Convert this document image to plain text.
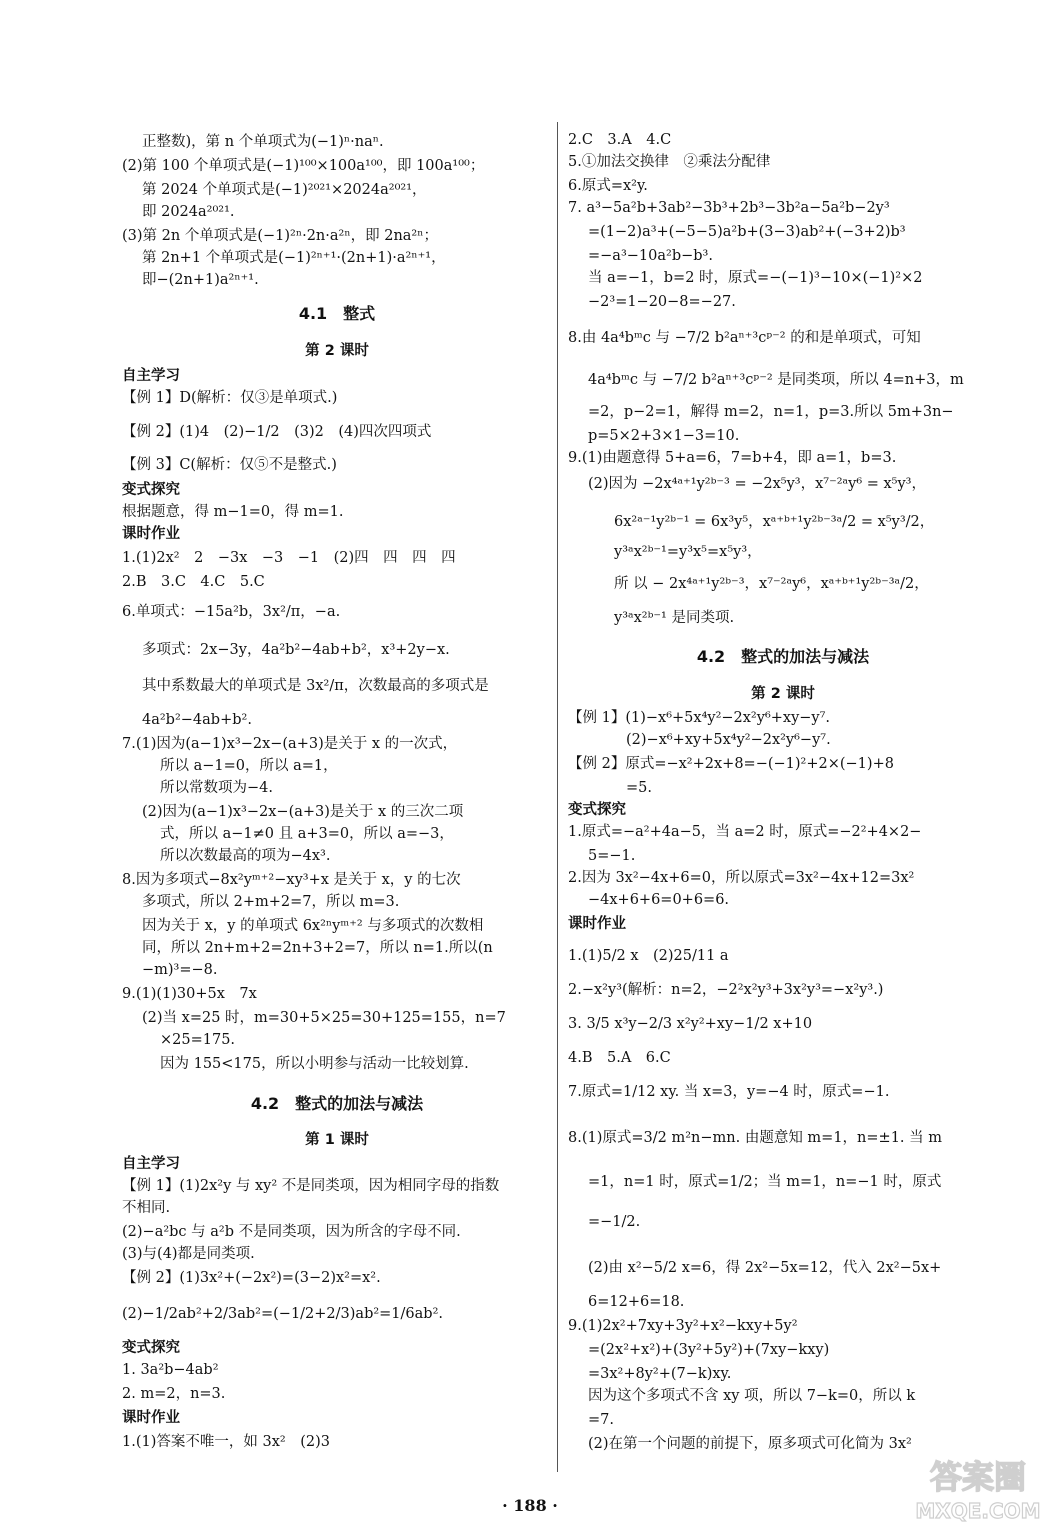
正整数)，第 n 个单项式为(−1)ⁿ·naⁿ.
(2)第 100 个单项式是(−1)¹⁰⁰×100a¹⁰⁰，即 100a¹⁰⁰；
第 2024 个单项式是(−1)²⁰²¹×2024a²⁰²¹，
即 2024a²⁰²¹.
(3)第 2n 个单项式是(−1)²ⁿ·2n·a²ⁿ，即 2na²ⁿ；
第 2n+1 个单项式是(−1)²ⁿ⁺¹·(2n+1)·a²ⁿ⁺¹，
即−(2n+1)a²ⁿ⁺¹.
4.1　整式
第 2 课时
自主学习
【例 1】D(解析：仅③是单项式.)
【例 2】(1)4　(2)−1/2　(3)2　(4)四次四项式
【例 3】C(解析：仅⑤不是整式.)
变式探究
根据题意，得 m−1=0，得 m=1.
课时作业
1.(1)2x²　2　−3x　−3　−1　(2)四　四　四　四
2.B　3.C　4.C　5.C
6.单项式：−15a²b，3x²/π，−a.
多项式：2x−3y，4a²b²−4ab+b²，x³+2y−x.
其中系数最大的单项式是 3x²/π，次数最高的多项式是
4a²b²−4ab+b².
7.(1)因为(a−1)x³−2x−(a+3)是关于 x 的一次式，
所以 a−1=0，所以 a=1，
所以常数项为−4.
(2)因为(a−1)x³−2x−(a+3)是关于 x 的三次二项
式，所以 a−1≠0 且 a+3=0，所以 a=−3，
所以次数最高的项为−4x³.
8.因为多项式−8x²yᵐ⁺²−xy³+x 是关于 x，y 的七次
多项式，所以 2+m+2=7，所以 m=3.
因为关于 x，y 的单项式 6x²ⁿyᵐ⁺² 与多项式的次数相
同，所以 2n+m+2=2n+3+2=7，所以 n=1.所以(n
−m)³=−8.
9.(1)(1)30+5x　7x
(2)当 x=25 时，m=30+5×25=30+125=155，n=7
×25=175.
因为 155<175，所以小明参与活动一比较划算.
4.2　整式的加法与减法
第 1 课时
自主学习
【例 1】(1)2x²y 与 xy² 不是同类项，因为相同字母的指数
不相同.
(2)−a²bc 与 a²b 不是同类项，因为所含的字母不同.
(3)与(4)都是同类项.
【例 2】(1)3x²+(−2x²)=(3−2)x²=x².
(2)−1/2ab²+2/3ab²=(−1/2+2/3)ab²=1/6ab².
变式探究
1. 3a²b−4ab²
2. m=2，n=3.
课时作业
1.(1)答案不唯一，如 3x²　(2)3
2.C　3.A　4.C
5.①加法交换律　②乘法分配律
6.原式=x²y.
7. a³−5a²b+3ab²−3b³+2b³−3b²a−5a²b−2y³
=(1−2)a³+(−5−5)a²b+(3−3)ab²+(−3+2)b³
=−a³−10a²b−b³.
当 a=−1，b=2 时，原式=−(−1)³−10×(−1)²×2
−2³=1−20−8=−27.
8.由 4a⁴bᵐc 与 −7/2 b²aⁿ⁺³cᵖ⁻² 的和是单项式，可知
4a⁴bᵐc 与 −7/2 b²aⁿ⁺³cᵖ⁻² 是同类项，所以 4=n+3，m
=2，p−2=1，解得 m=2，n=1，p=3.所以 5m+3n−
p=5×2+3×1−3=10.
9.(1)由题意得 5+a=6，7=b+4，即 a=1，b=3.
(2)因为 −2x⁴ᵃ⁺¹y²ᵇ⁻³ = −2x⁵y³，x⁷⁻²ᵃy⁶ = x⁵y³，
6x²ᵃ⁻¹y²ᵇ⁻¹ = 6x³y⁵，xᵃ⁺ᵇ⁺¹y²ᵇ⁻³ᵃ/2 = x⁵y³/2，
y³ᵃx²ᵇ⁻¹=y³x⁵=x⁵y³，
所 以 − 2x⁴ᵃ⁺¹y²ᵇ⁻³，x⁷⁻²ᵃy⁶，xᵃ⁺ᵇ⁺¹y²ᵇ⁻³ᵃ/2，
y³ᵃx²ᵇ⁻¹ 是同类项.
4.2　整式的加法与减法
第 2 课时
【例 1】(1)−x⁶+5x⁴y²−2x²y⁶+xy−y⁷.
(2)−x⁶+xy+5x⁴y²−2x²y⁶−y⁷.
【例 2】原式=−x²+2x+8=−(−1)²+2×(−1)+8
=5.
变式探究
1.原式=−a²+4a−5，当 a=2 时，原式=−2²+4×2−
5=−1.
2.因为 3x²−4x+6=0，所以原式=3x²−4x+12=3x²
−4x+6+6=0+6=6.
课时作业
1.(1)5/2 x　(2)25/11 a
2.−x²y³(解析：n=2，−2²x²y³+3x²y³=−x²y³.)
3. 3/5 x³y−2/3 x²y²+xy−1/2 x+10
4.B　5.A　6.C
7.原式=1/12 xy. 当 x=3，y=−4 时，原式=−1.
8.(1)原式=3/2 m²n−mn. 由题意知 m=1，n=±1. 当 m
=1，n=1 时，原式=1/2；当 m=1，n=−1 时，原式
=−1/2.
(2)由 x²−5/2 x=6，得 2x²−5x=12，代入 2x²−5x+
6=12+6=18.
9.(1)2x²+7xy+3y²+x²−kxy+5y²
=(2x²+x²)+(3y²+5y²)+(7xy−kxy)
=3x²+8y²+(7−k)xy.
因为这个多项式不含 xy 项，所以 7−k=0，所以 k
=7.
(2)在第一个问题的前提下，原多项式可化简为 3x²
· 188 ·
答案圈
MXQE.COM
